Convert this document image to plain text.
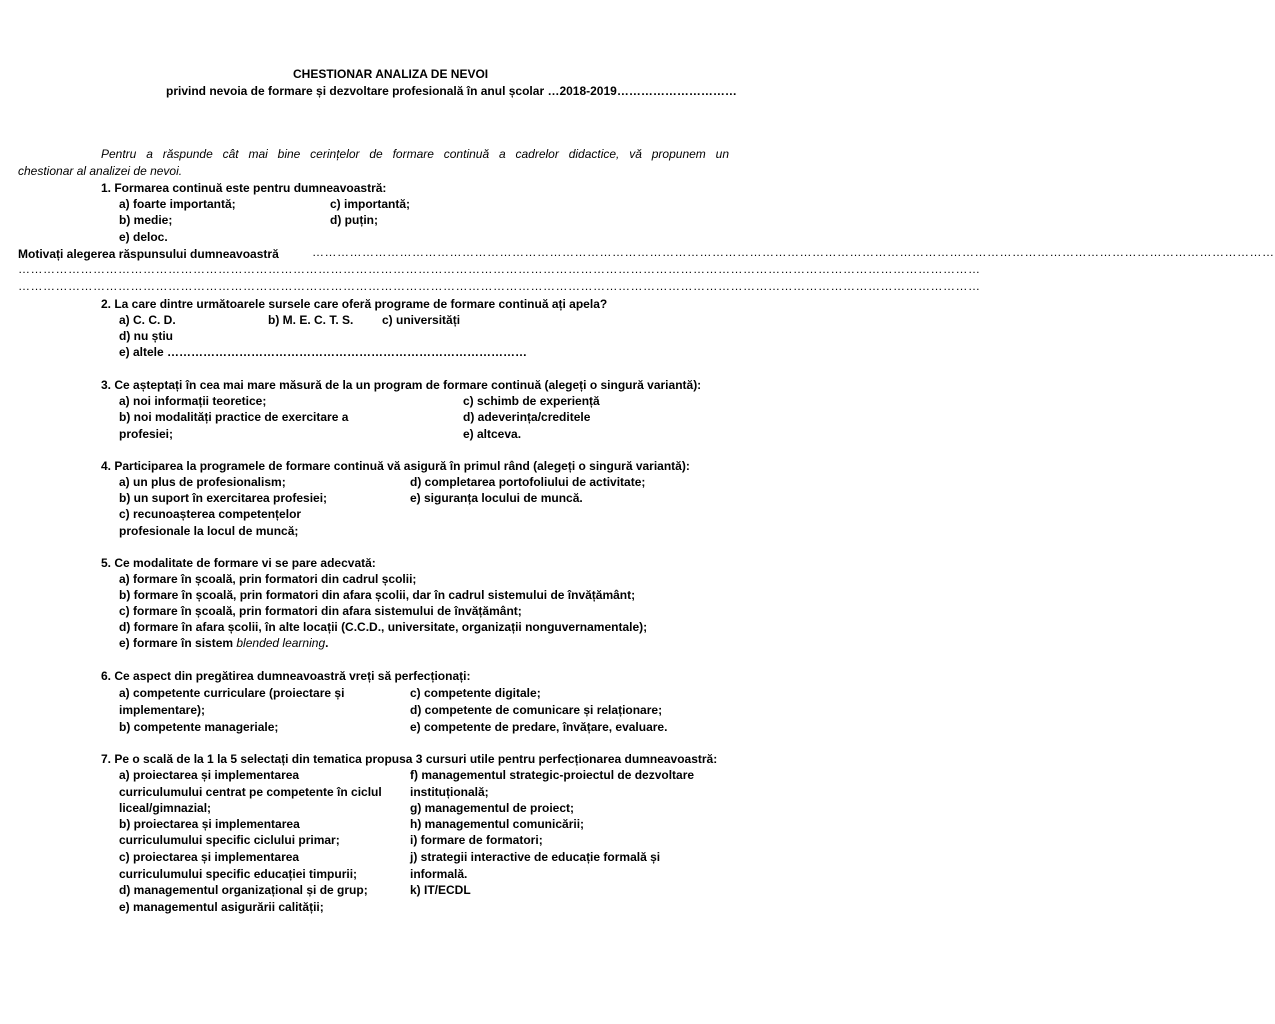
CHESTIONAR ANALIZA DE NEVOI
privind nevoia de formare și dezvoltare profesională în anul școlar …2018-2019…………………………
Pentru a răspunde cât mai bine cerințelor de formare continuă a cadrelor didactice, vă propunem un
chestionar al analizei de nevoi.
1. Formarea continuă este pentru dumneavoastră:
a) foarte importantă;	c) importantă;
b) medie;	d) puțin;
e) deloc.
Motivați alegerea răspunsului dumneavoastră	……………………………………………………………………………………………………………………………………………………………………………………………………………
……………………………………………………………………………………………………………………………………………………………………………………………………………
……………………………………………………………………………………………………………………………………………………………………………………………………………
2. La care dintre următoarele sursele care oferă programe de formare continuă ați apela?
a) C. C. D.	b) M. E. C. T. S. c) universități
d) nu știu
e) altele ………………………………………………………………………………
3. Ce așteptați în cea mai mare măsură de la un program de formare continuă (alegeți o singură variantă):
a) noi informații teoretice;	c) schimb de experiență
b) noi modalități practice de exercitare a	d) adeverința/creditele
profesiei;	e) altceva.
4. Participarea la programele de formare continuă vă asigură în primul rând (alegeți o singură variantă):
a) un plus de profesionalism;	d) completarea portofoliului de activitate;
b) un suport în exercitarea profesiei;	e) siguranța locului de muncă.
c) recunoașterea competențelor
profesionale la locul de muncă;
5. Ce modalitate de formare vi se pare adecvată:
a) formare în școală, prin formatori din cadrul școlii;
b) formare în școală, prin formatori din afara școlii, dar în cadrul sistemului de învățământ;
c) formare în școală, prin formatori din afara sistemului de învățământ;
d) formare în afara școlii, în alte locații (C.C.D., universitate, organizații nonguvernamentale);
e) formare în sistem blended learning.
6. Ce aspect din pregătirea dumneavoastră vreți să perfecționați:
a) competente curriculare (proiectare și
implementare);
b) competente manageriale;
c) competente digitale;
d) competente de comunicare și relaționare;
e) competente de predare, învățare, evaluare.
7. Pe o scală de la 1 la 5 selectați din tematica propusa 3 cursuri utile pentru perfecționarea dumneavoastră:
a) proiectarea și implementarea
curriculumului centrat pe competente în ciclul
liceal/gimnazial;
b) proiectarea și implementarea
curriculumului specific ciclului primar;
c) proiectarea și implementarea
curriculumului specific educației timpurii;
d) managementul organizațional și de grup;
e) managementul asigurării calității;
f) managementul strategic-proiectul de dezvoltare
instituțională;
g) managementul de proiect;
h) managementul comunicării;
i) formare de formatori;
j) strategii interactive de educație formală și
informală.
k) IT/ECDL
